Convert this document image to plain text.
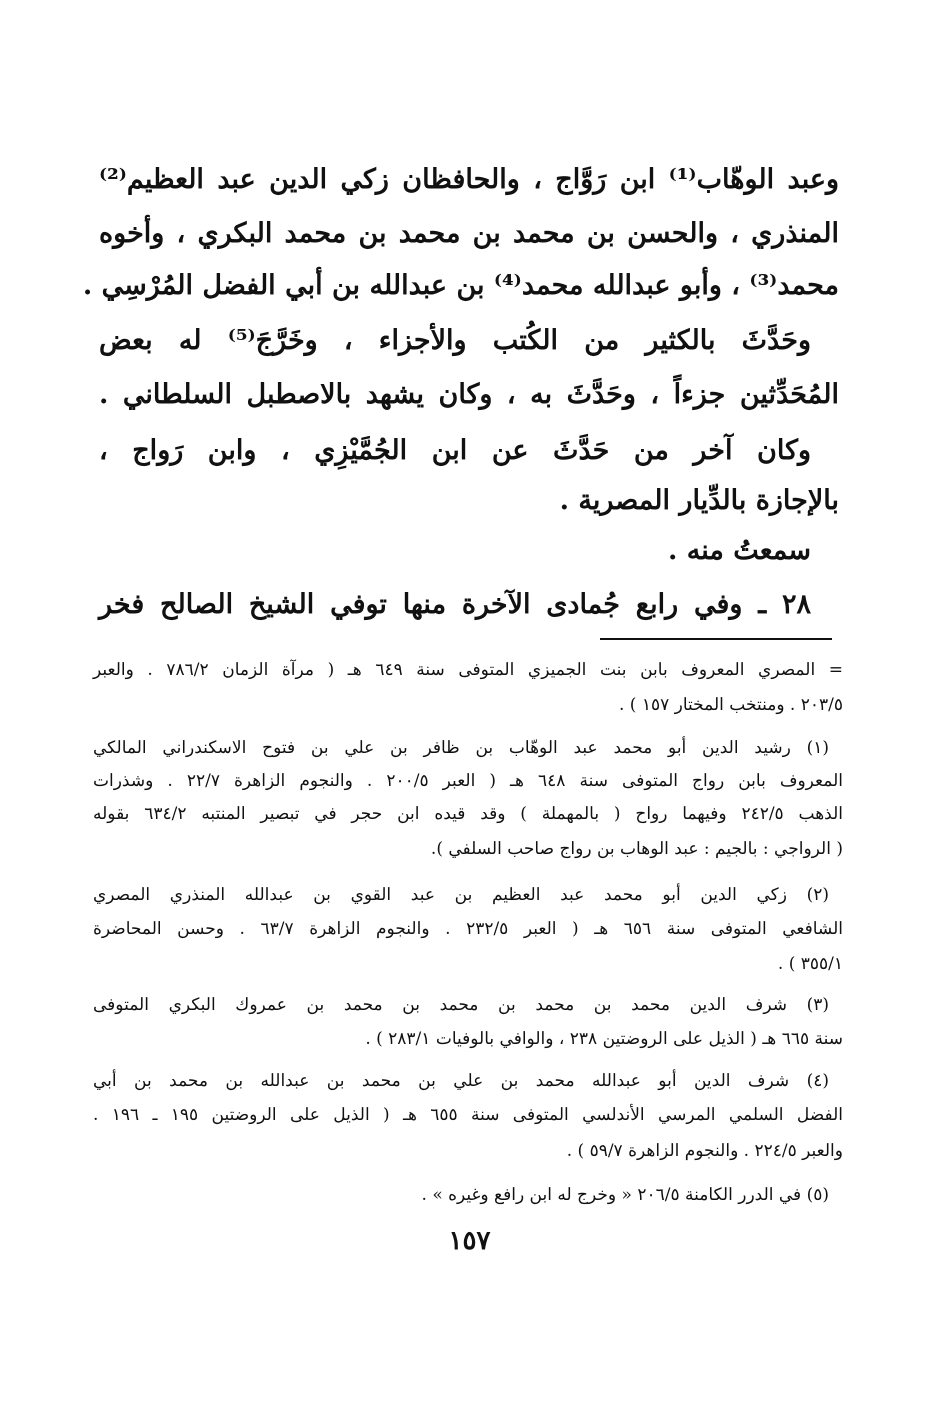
وعبد الوهّاب⁽¹⁾ ابن رَوَّاج ، والحافظان زكي الدين عبد العظيم⁽²⁾
المنذري ، والحسن بن محمد بن محمد بن محمد البكري ، وأخوه
محمد⁽³⁾ ، وأبو عبدالله محمد⁽⁴⁾ بن عبدالله بن أبي الفضل المُرْسِي .
وحَدَّثَ بالكثير من الكُتب والأجزاء ، وخَرَّجَ⁽⁵⁾ له بعض
المُحَدِّثين جزءاً ، وحَدَّثَ به ، وكان يشهد بالاصطبل السلطاني .
وكان آخر من حَدَّثَ عن ابن الجُمَّيْزِي ، وابن رَواج ،
بالإجازة بالدِّيار المصرية .
سمعتُ منه .
٢٨ ـ وفي رابع جُمادى الآخرة منها توفي الشيخ الصالح فخر
= المصري المعروف بابن بنت الجميزي المتوفى سنة ٦٤٩ هـ ( مرآة الزمان ٧٨٦/٢ . والعبر
٢٠٣/٥ . ومنتخب المختار ١٥٧ ) .
(١) رشيد الدين أبو محمد عبد الوهّاب بن ظافر بن علي بن فتوح الاسكندراني المالكي
المعروف بابن رواج المتوفى سنة ٦٤٨ هـ ( العبر ٢٠٠/٥ . والنجوم الزاهرة ٢٢/٧ . وشذرات
الذهب ٢٤٢/٥ وفيهما رواح ( بالمهملة ) وقد قيده ابن حجر في تبصير المنتبه ٦٣٤/٢ بقوله
( الرواجي : بالجيم : عبد الوهاب بن رواج صاحب السلفي ).
(٢) زكي الدين أبو محمد عبد العظيم بن عبد القوي بن عبدالله المنذري المصري
الشافعي المتوفى سنة ٦٥٦ هـ ( العبر ٢٣٢/٥ . والنجوم الزاهرة ٦٣/٧ . وحسن المحاضرة
٣٥٥/١ ) .
(٣) شرف الدين محمد بن محمد بن محمد بن محمد بن عمروك البكري المتوفى
سنة ٦٦٥ هـ ( الذيل على الروضتين ٢٣٨ ، والوافي بالوفيات ٢٨٣/١ ) .
(٤) شرف الدين أبو عبدالله محمد بن علي بن محمد بن عبدالله بن محمد بن أبي
الفضل السلمي المرسي الأندلسي المتوفى سنة ٦٥٥ هـ ( الذيل على الروضتين ١٩٥ ـ ١٩٦ .
والعبر ٢٢٤/٥ . والنجوم الزاهرة ٥٩/٧ ) .
(٥) في الدرر الكامنة ٢٠٦/٥ « وخرج له ابن رافع وغيره » .
١٥٧
